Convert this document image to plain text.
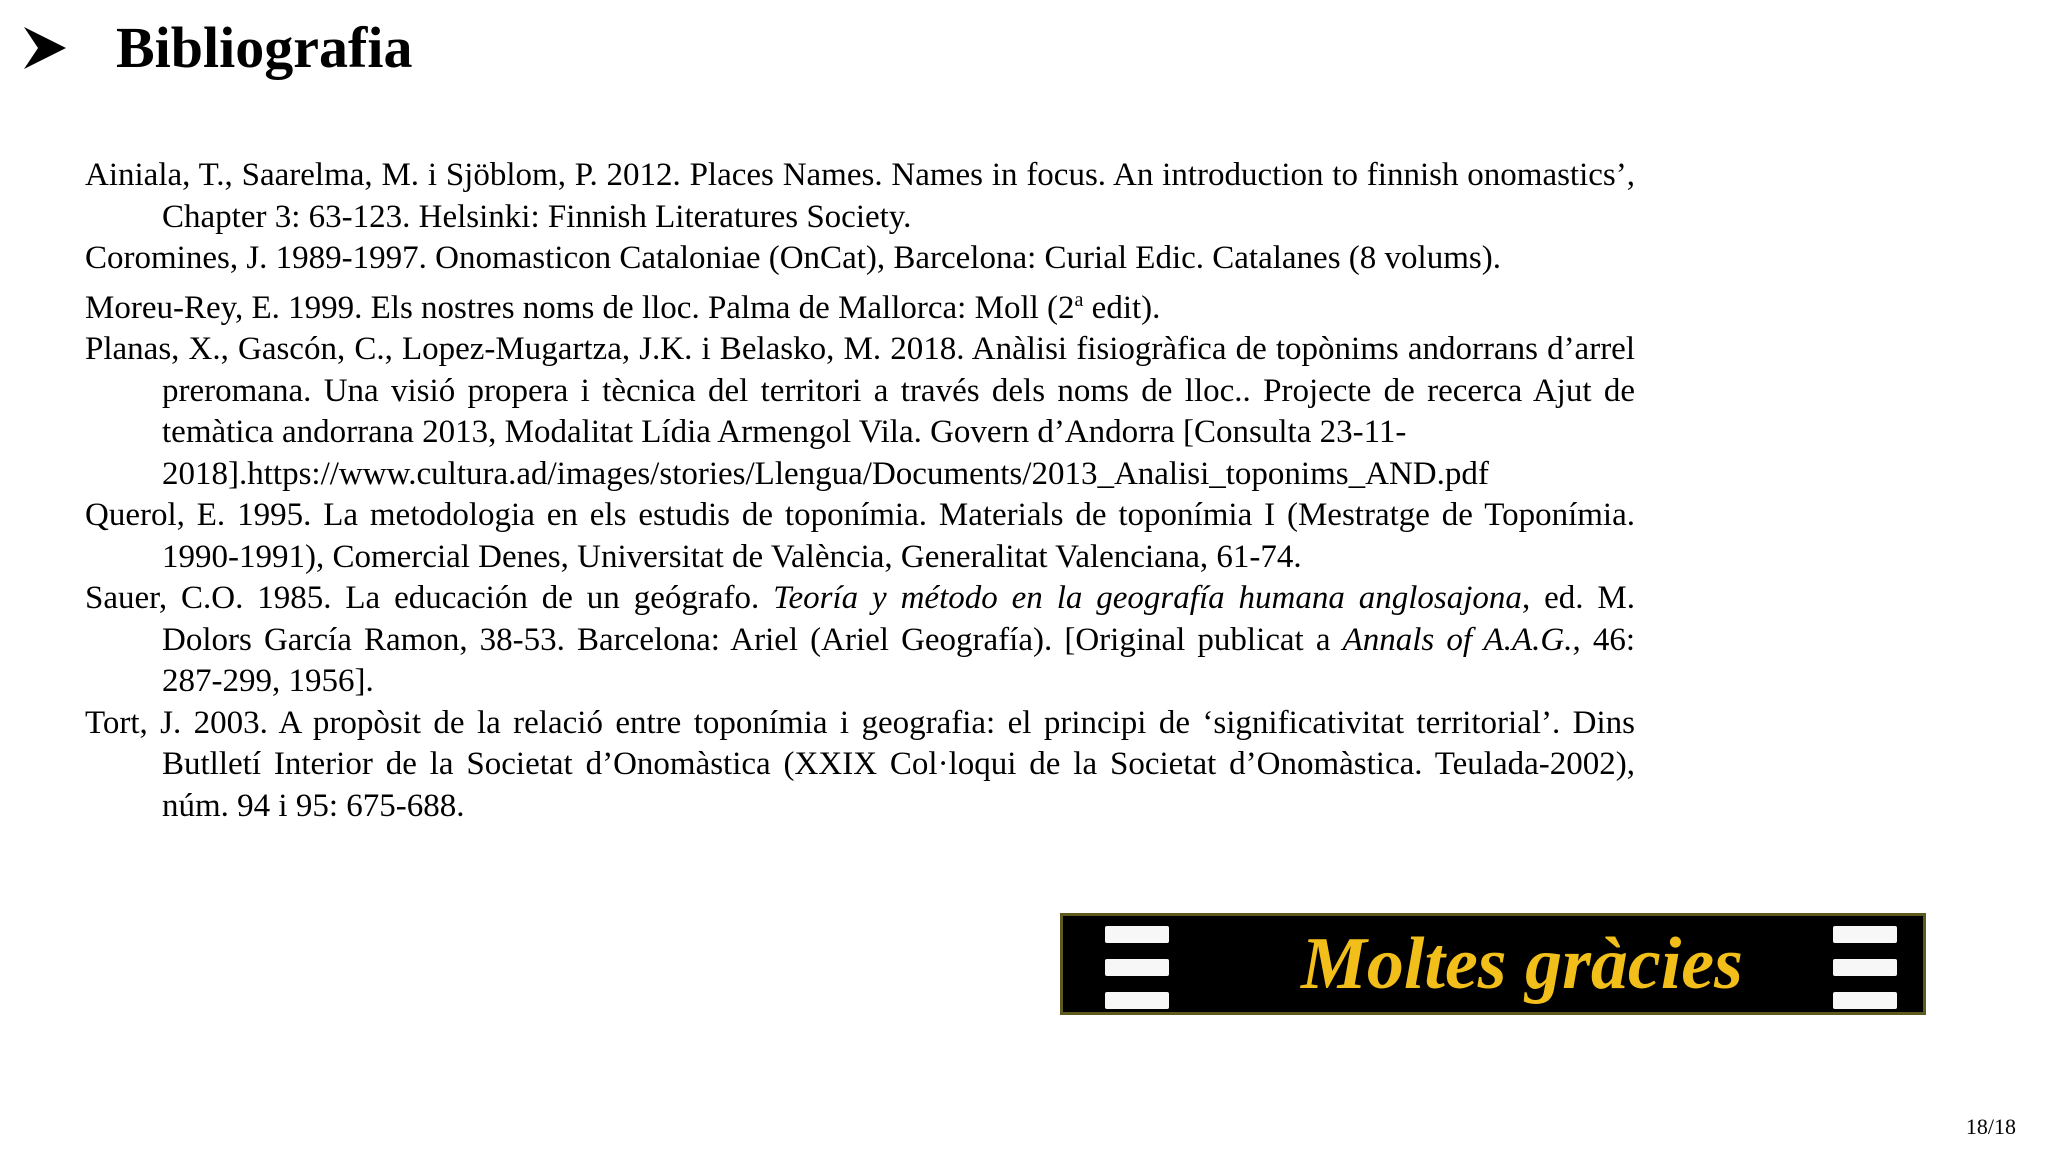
Bibliografia

Ainiala, T., Saarelma, M. i Sjöblom, P. 2012. Places Names. Names in focus. An introduction to finnish onomastics’, Chapter 3: 63-123. Helsinki: Finnish Literatures Society.

Coromines, J. 1989-1997. Onomasticon Cataloniae (OnCat), Barcelona: Curial Edic. Catalanes (8 volums).

Moreu-Rey, E. 1999. Els nostres noms de lloc. Palma de Mallorca: Moll (2$^a$ edit).

Planas, X., Gascón, C., Lopez-Mugartza, J.K. i Belasko, M. 2018. Anàlisi fisiogràfica de topònims andorrans d’arrel preromana. Una visió propera i tècnica del territori a través dels noms de lloc.. Projecte de recerca Ajut de temàtica andorrana 2013, Modalitat Lídia Armengol Vila. Govern d’Andorra [Consulta 23-11-
2018].https://www.cultura.ad/images/stories/Llengua/Documents/2013_Analisi_toponims_AND.pdf

Querol, E. 1995. La metodologia en els estudis de toponímia. Materials de toponímia I (Mestratge de Toponímia. 1990-1991), Comercial Denes, Universitat de València, Generalitat Valenciana, 61-74.

Sauer, C.O. 1985. La educación de un geógrafo. Teoría y método en la geografía humana anglosajona, ed. M. Dolors García Ramon, 38-53. Barcelona: Ariel (Ariel Geografía). [Original publicat a Annals of A.A.G., 46: 287-299, 1956].

Tort, J. 2003. A propòsit de la relació entre toponímia i geografia: el principi de ‘significativitat territorial’. Dins Butlletí Interior de la Societat d’Onomàstica (XXIX Col·loqui de la Societat d’Onomàstica. Teulada-2002), núm. 94 i 95: 675-688.

Moltes gràcies
18/18
